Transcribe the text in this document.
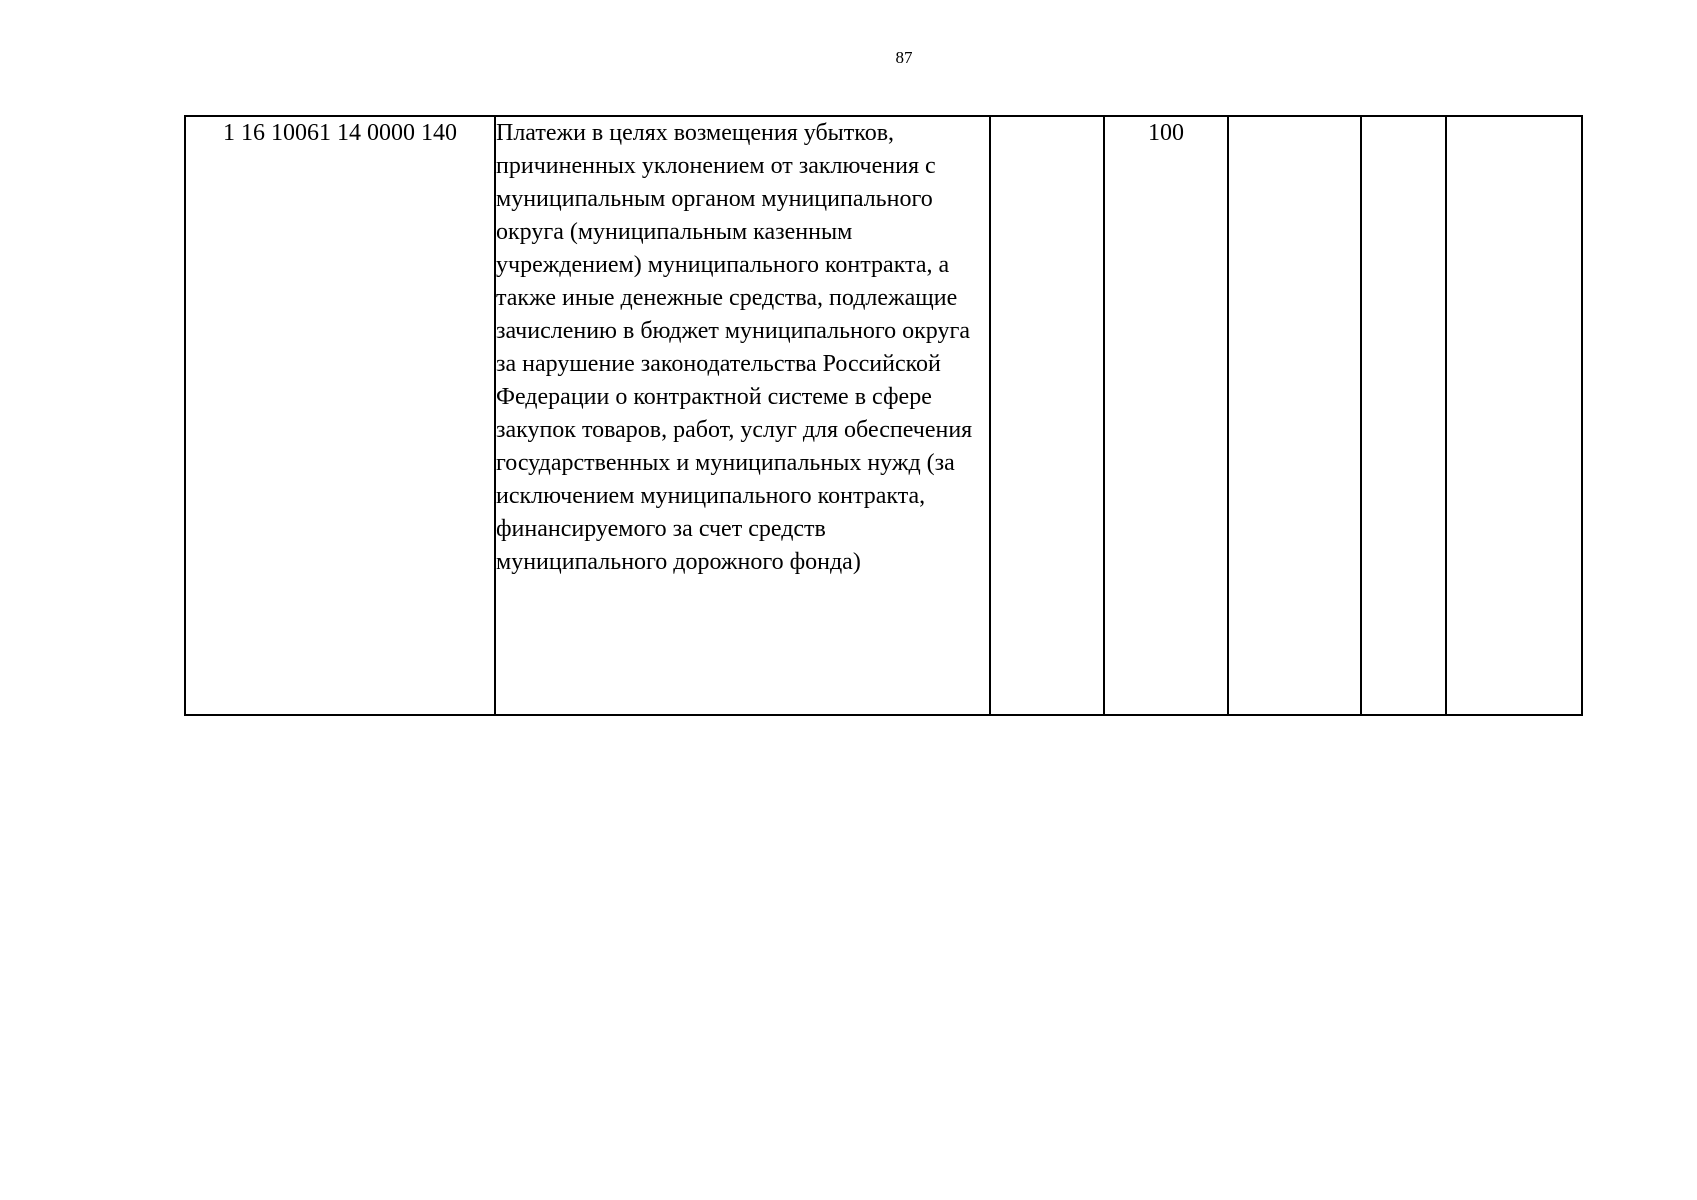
87
1 16 10061 14 0000 140	Платежи в целях возмещения убытков, причиненных уклонением от заключения с муниципальным органом муниципального округа (муниципальным казенным учреждением) муниципального контракта, а также иные денежные средства, подлежащие зачислению в бюджет муниципального округа за нарушение законодательства Российской Федерации о контрактной системе в сфере закупок товаров, работ, услуг для обеспечения государственных и муниципальных нужд (за исключением муниципального контракта, финансируемого за счет средств муниципального дорожного фонда)		100			
